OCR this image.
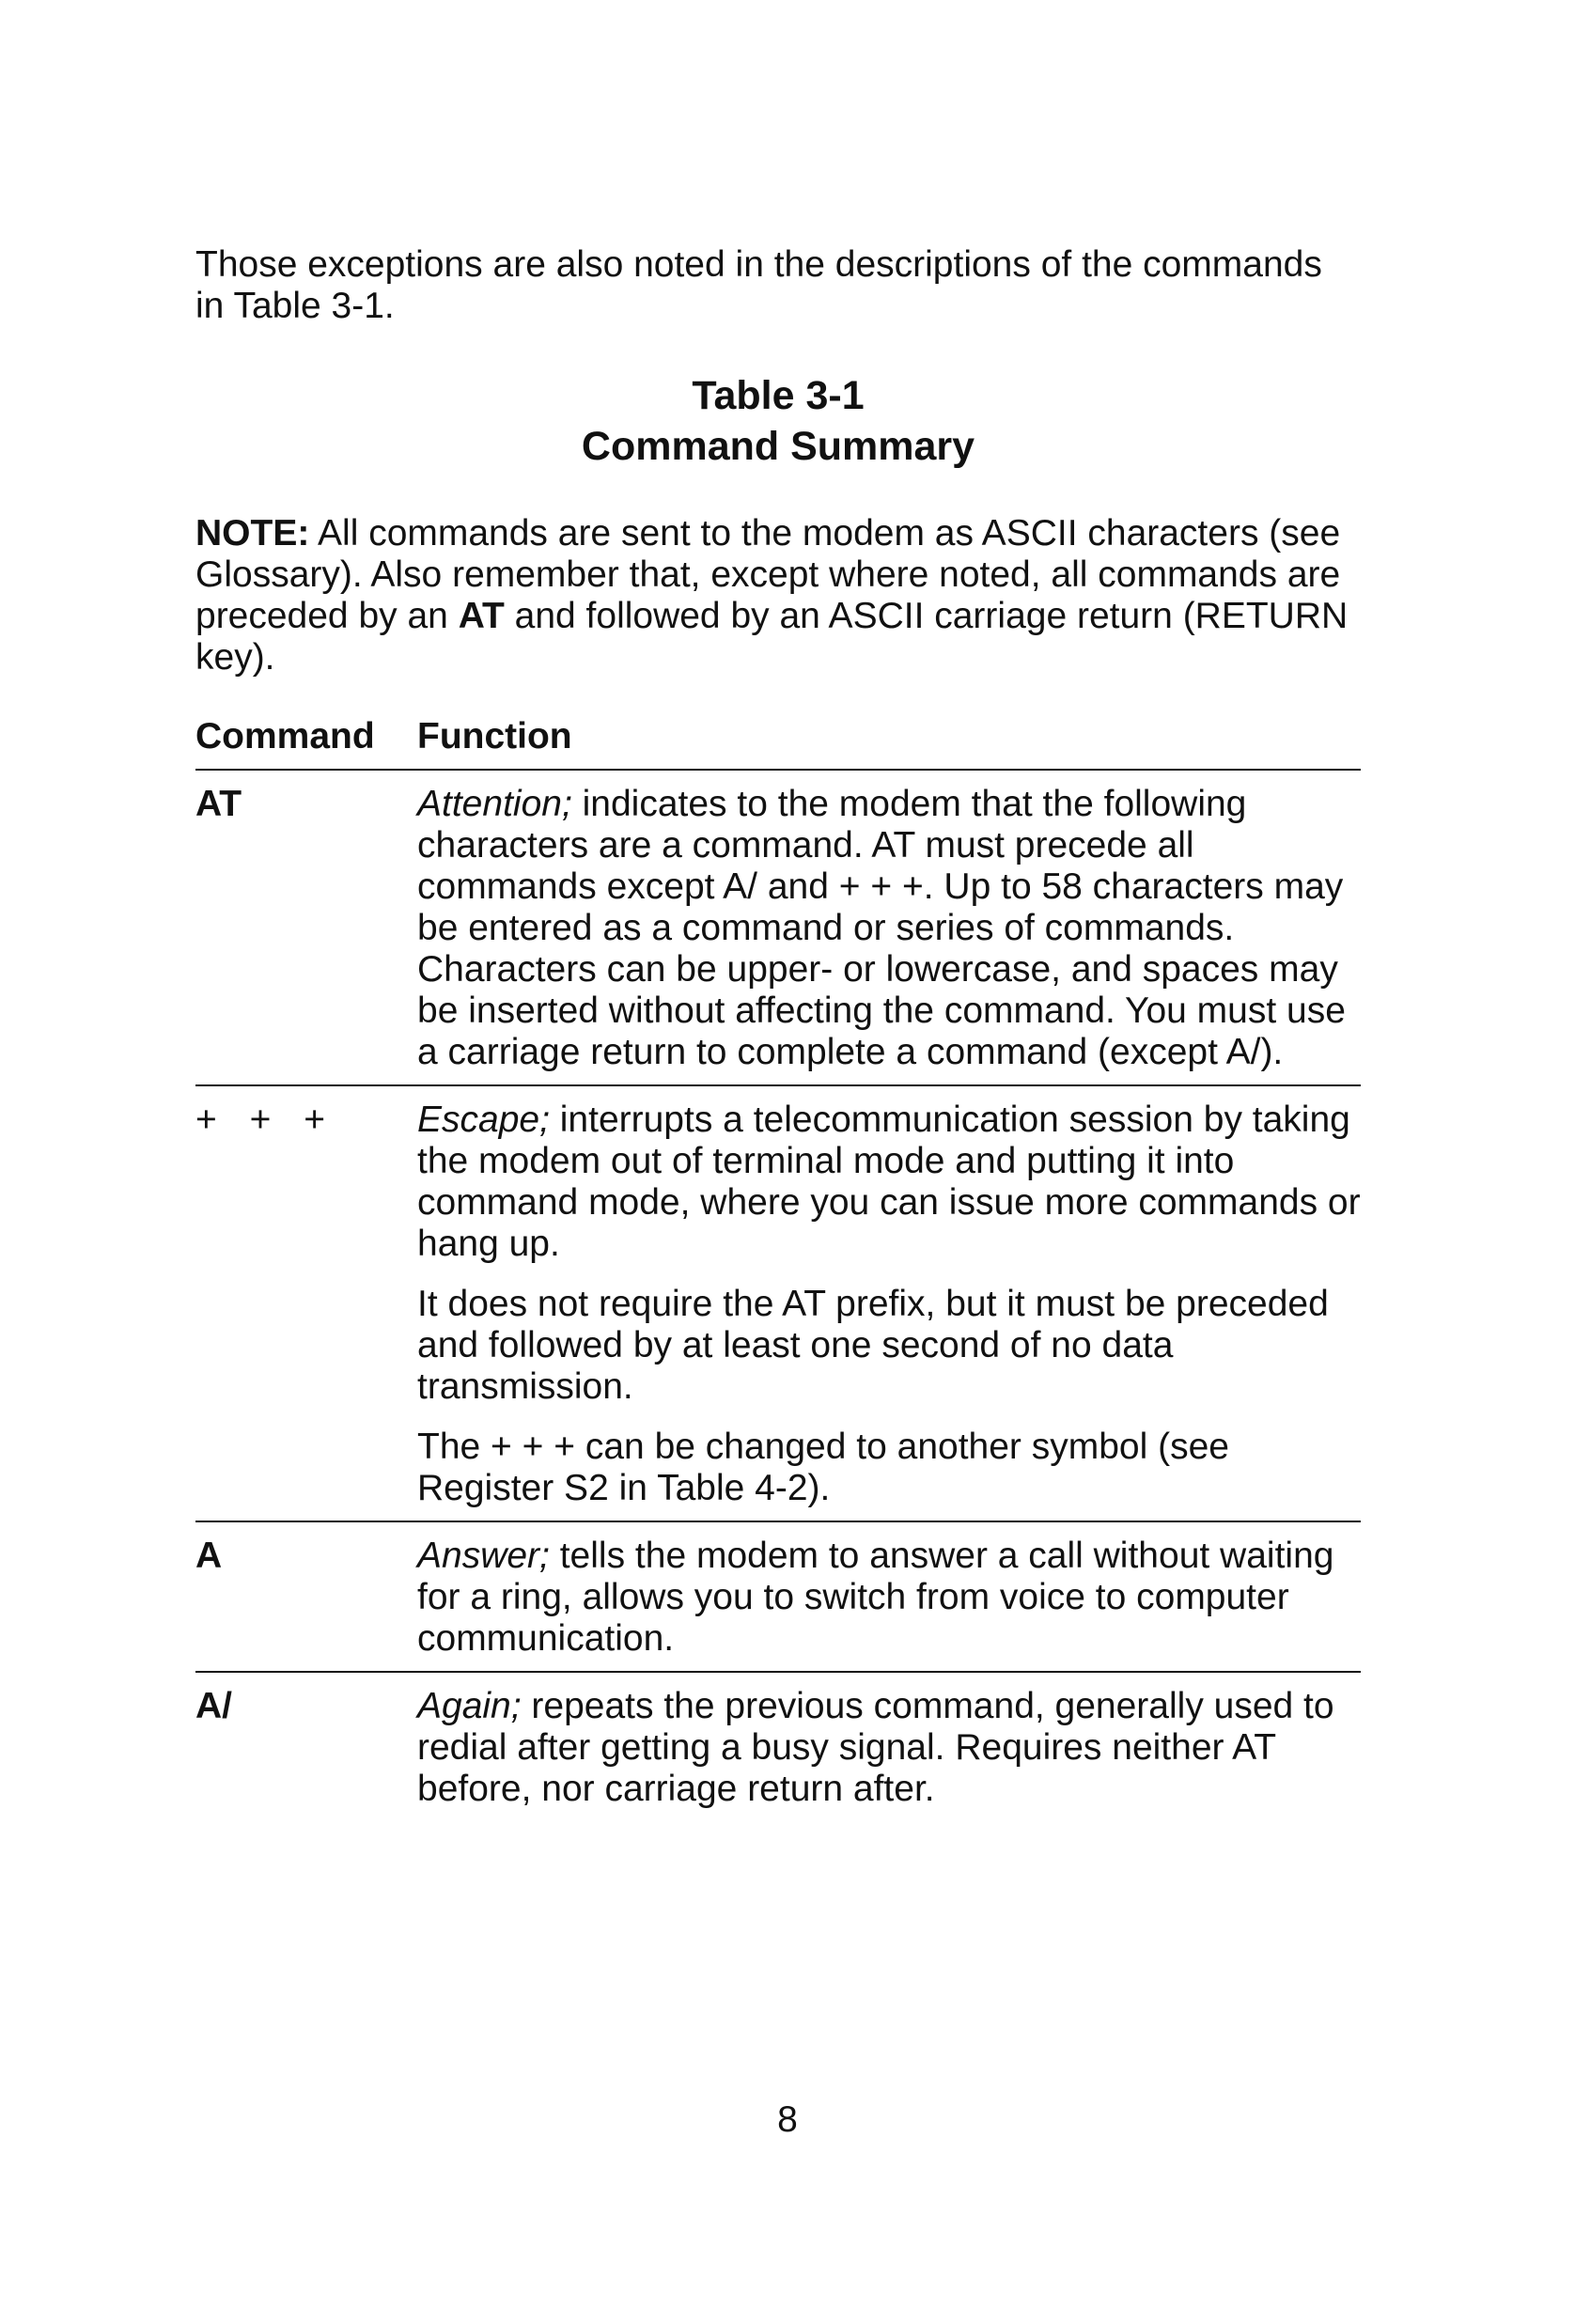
Those exceptions are also noted in the descriptions of the commands in Table 3-1.

Table 3-1
Command Summary
NOTE: All commands are sent to the modem as ASCII characters (see Glossary). Also remember that, except where noted, all commands are preceded by an AT and followed by an ASCII carriage return (RETURN key).
Command	Function
AT	Attention; indicates to the modem that the following characters are a command. AT must precede all commands except A/ and + + +. Up to 58 characters may be entered as a command or series of commands. Characters can be upper- or lowercase, and spaces may be inserted without affecting the command. You must use a carriage return to complete a command (except A/).

+ + +	Escape; interrupts a telecommunication session by taking the modem out of terminal mode and putting it into command mode, where you can issue more commands or hang up.

It does not require the AT prefix, but it must be preceded and followed by at least one second of no data transmission.

The + + + can be changed to another symbol (see Register S2 in Table 4-2).

A	Answer; tells the modem to answer a call without waiting for a ring, allows you to switch from voice to computer communication.

A/	Again; repeats the previous command, generally used to redial after getting a busy signal. Requires neither AT before, nor carriage return after.

8
